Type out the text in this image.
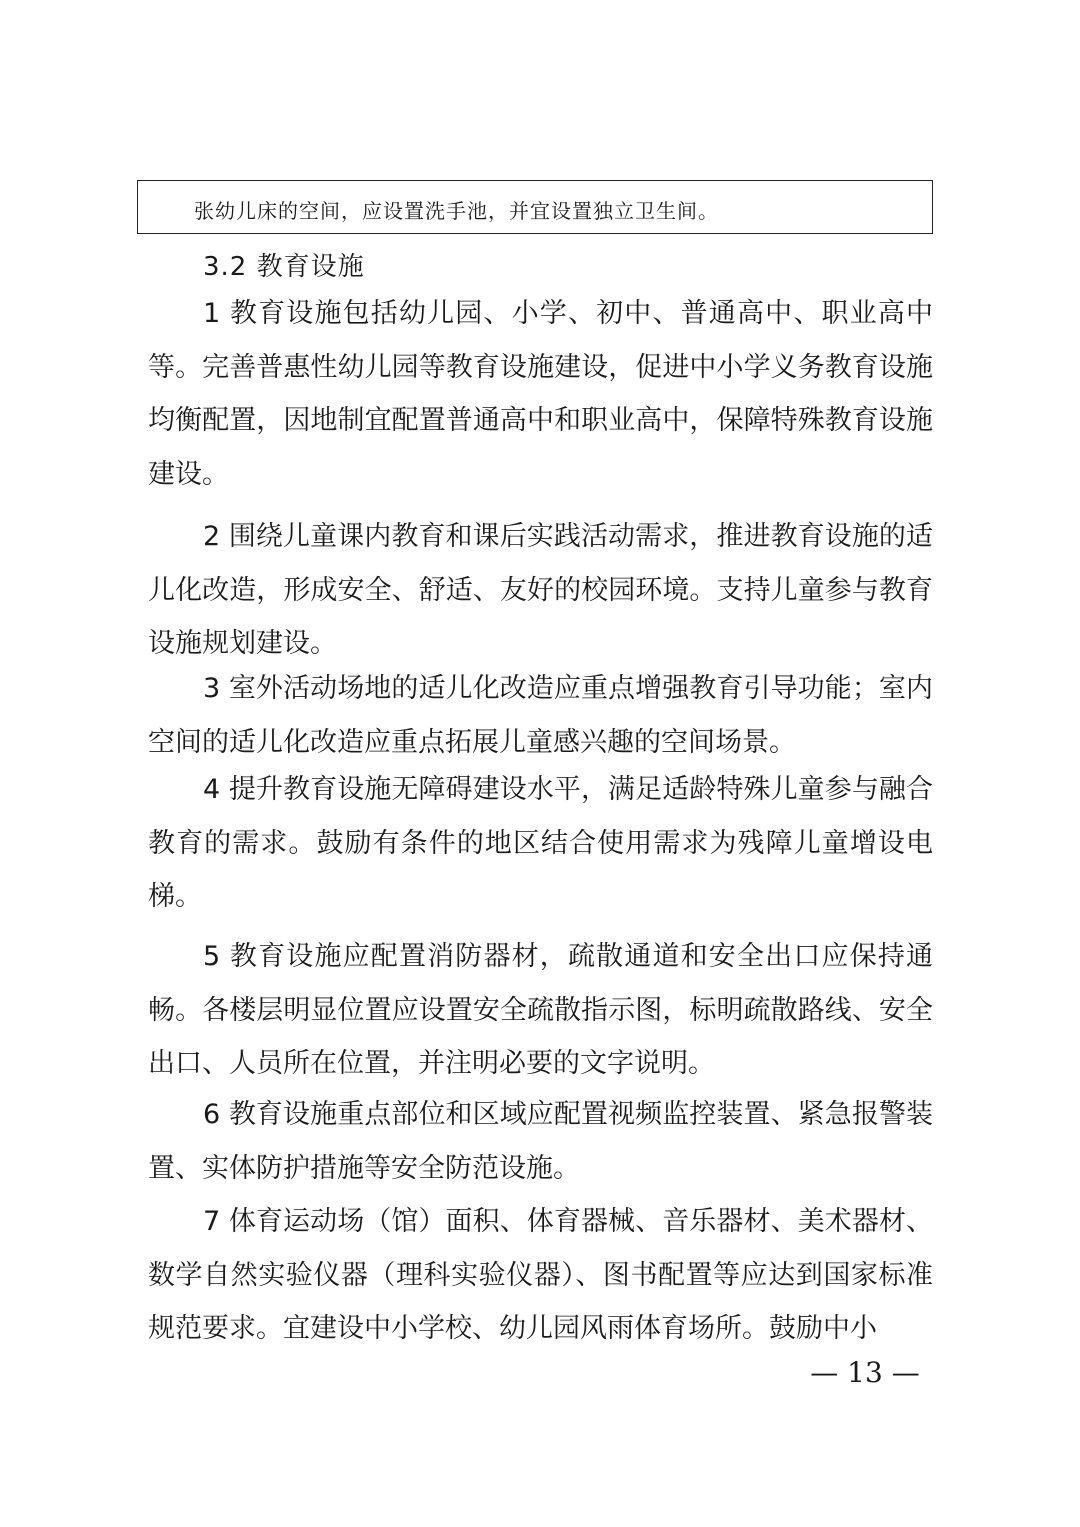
张幼儿床的空间，应设置洗手池，并宜设置独立卫生间。
3.2 教育设施
1 教育设施包括幼儿园、小学、初中、普通高中、职业高中等。完善普惠性幼儿园等教育设施建设，促进中小学义务教育设施均衡配置，因地制宜配置普通高中和职业高中，保障特殊教育设施建设。
2 围绕儿童课内教育和课后实践活动需求，推进教育设施的适儿化改造，形成安全、舒适、友好的校园环境。支持儿童参与教育设施规划建设。
3 室外活动场地的适儿化改造应重点增强教育引导功能；室内空间的适儿化改造应重点拓展儿童感兴趣的空间场景。
4 提升教育设施无障碍建设水平，满足适龄特殊儿童参与融合教育的需求。鼓励有条件的地区结合使用需求为残障儿童增设电梯。
5 教育设施应配置消防器材，疏散通道和安全出口应保持通畅。各楼层明显位置应设置安全疏散指示图，标明疏散路线、安全出口、人员所在位置，并注明必要的文字说明。
6 教育设施重点部位和区域应配置视频监控装置、紧急报警装置、实体防护措施等安全防范设施。
7 体育运动场（馆）面积、体育器械、音乐器材、美术器材、数学自然实验仪器（理科实验仪器）、图书配置等应达到国家标准规范要求。宜建设中小学校、幼儿园风雨体育场所。鼓励中小
— 13 —
